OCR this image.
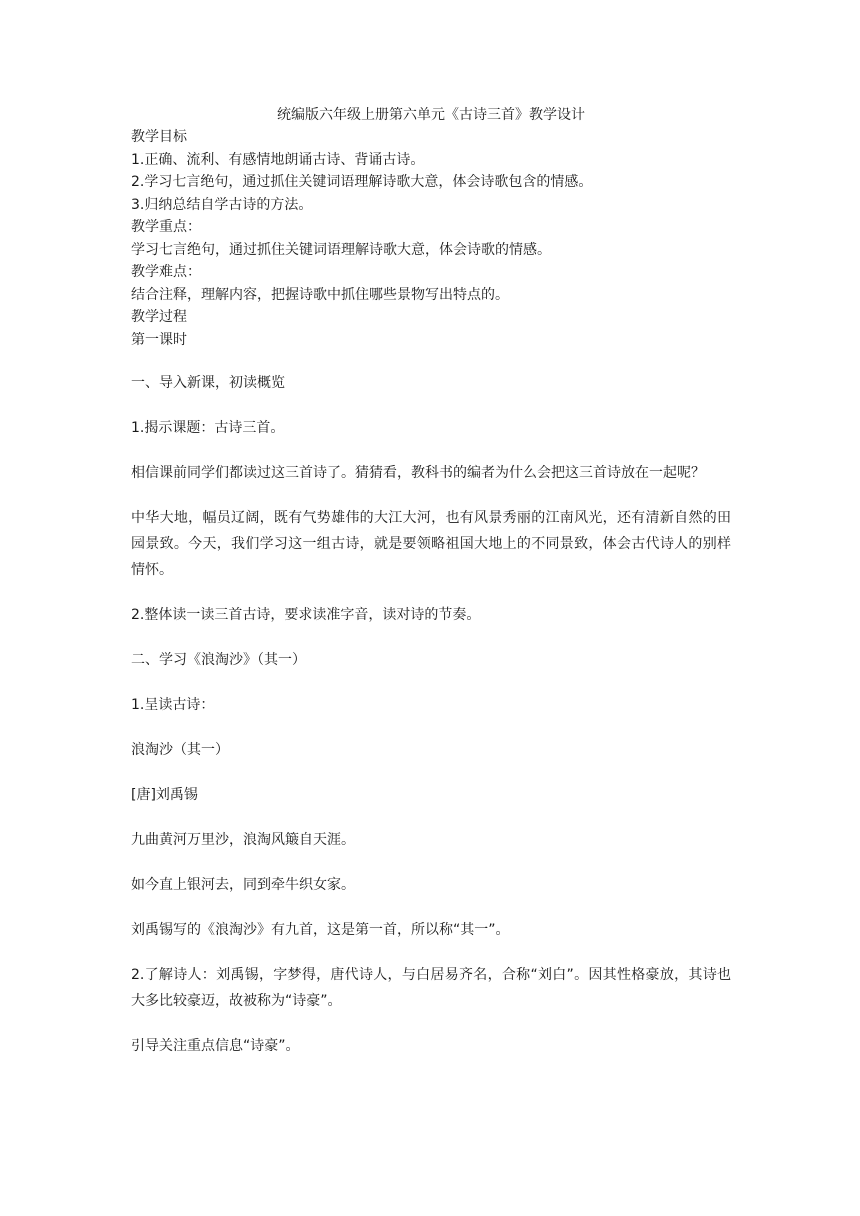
统编版六年级上册第六单元《古诗三首》教学设计

教学目标

1.正确、流利、有感情地朗诵古诗、背诵古诗。

2.学习七言绝句，通过抓住关键词语理解诗歌大意，体会诗歌包含的情感。

3.归纳总结自学古诗的方法。

教学重点：

学习七言绝句，通过抓住关键词语理解诗歌大意，体会诗歌的情感。

教学难点：

结合注释，理解内容，把握诗歌中抓住哪些景物写出特点的。

教学过程

第一课时

一、导入新课，初读概览

1.揭示课题：古诗三首。

相信课前同学们都读过这三首诗了。猜猜看，教科书的编者为什么会把这三首诗放在一起呢？

中华大地，幅员辽阔，既有气势雄伟的大江大河，也有风景秀丽的江南风光，还有清新自然的田园景致。今天，我们学习这一组古诗，就是要领略祖国大地上的不同景致，体会古代诗人的别样情怀。

2.整体读一读三首古诗，要求读准字音，读对诗的节奏。

二、学习《浪淘沙》（其一）

1.呈读古诗：

浪淘沙（其一）

[唐]刘禹锡

九曲黄河万里沙，浪淘风簸自天涯。

如今直上银河去，同到牵牛织女家。

刘禹锡写的《浪淘沙》有九首，这是第一首，所以称“其一”。

2.了解诗人：刘禹锡，字梦得，唐代诗人，与白居易齐名，合称“刘白”。因其性格豪放，其诗也大多比较豪迈，故被称为“诗豪”。

引导关注重点信息“诗豪”。
